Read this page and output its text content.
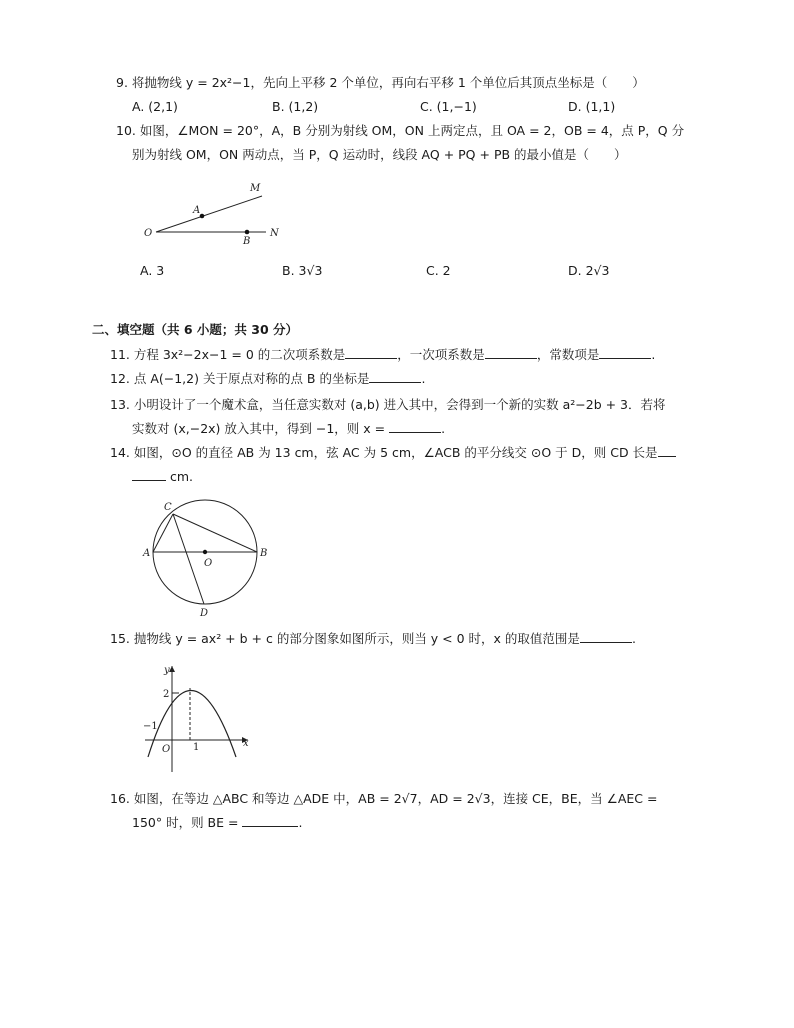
9. 将抛物线 y = 2x²−1，先向上平移 2 个单位，再向右平移 1 个单位后其顶点坐标是（　　）
A. (2,1)	B. (1,2)	C. (1,−1)	D. (1,1)
10. 如图，∠MON = 20°，A，B 分别为射线 OM，ON 上两定点，且 OA = 2，OB = 4，点 P，Q 分
别为射线 OM，ON 两动点，当 P，Q 运动时，线段 AQ + PQ + PB 的最小值是（　　）
M
A
O
B
N
A. 3	B. 3√3	C. 2	D. 2√3
二、填空题（共 6 小题；共 30 分）
11. 方程 3x²−2x−1 = 0 的二次项系数是	，一次项系数是	，常数项是	.
12. 点 A(−1,2) 关于原点对称的点 B 的坐标是	.
13. 小明设计了一个魔术盒，当任意实数对 (a,b) 进入其中，会得到一个新的实数 a²−2b + 3．若将
实数对 (x,−2x) 放入其中，得到 −1，则 x =	.
14. 如图，⊙O 的直径 AB 为 13 cm，弦 AC 为 5 cm，∠ACB 的平分线交 ⊙O 于 D，则 CD 长是
cm.
C
A
O
B
D
15. 抛物线 y = ax² + b + c 的部分图象如图所示，则当 y < 0 时，x 的取值范围是	.
y
x
O
2
−1
1
16. 如图，在等边 △ABC 和等边 △ADE 中，AB = 2√7，AD = 2√3，连接 CE，BE，当 ∠AEC =
150° 时，则 BE =	.
